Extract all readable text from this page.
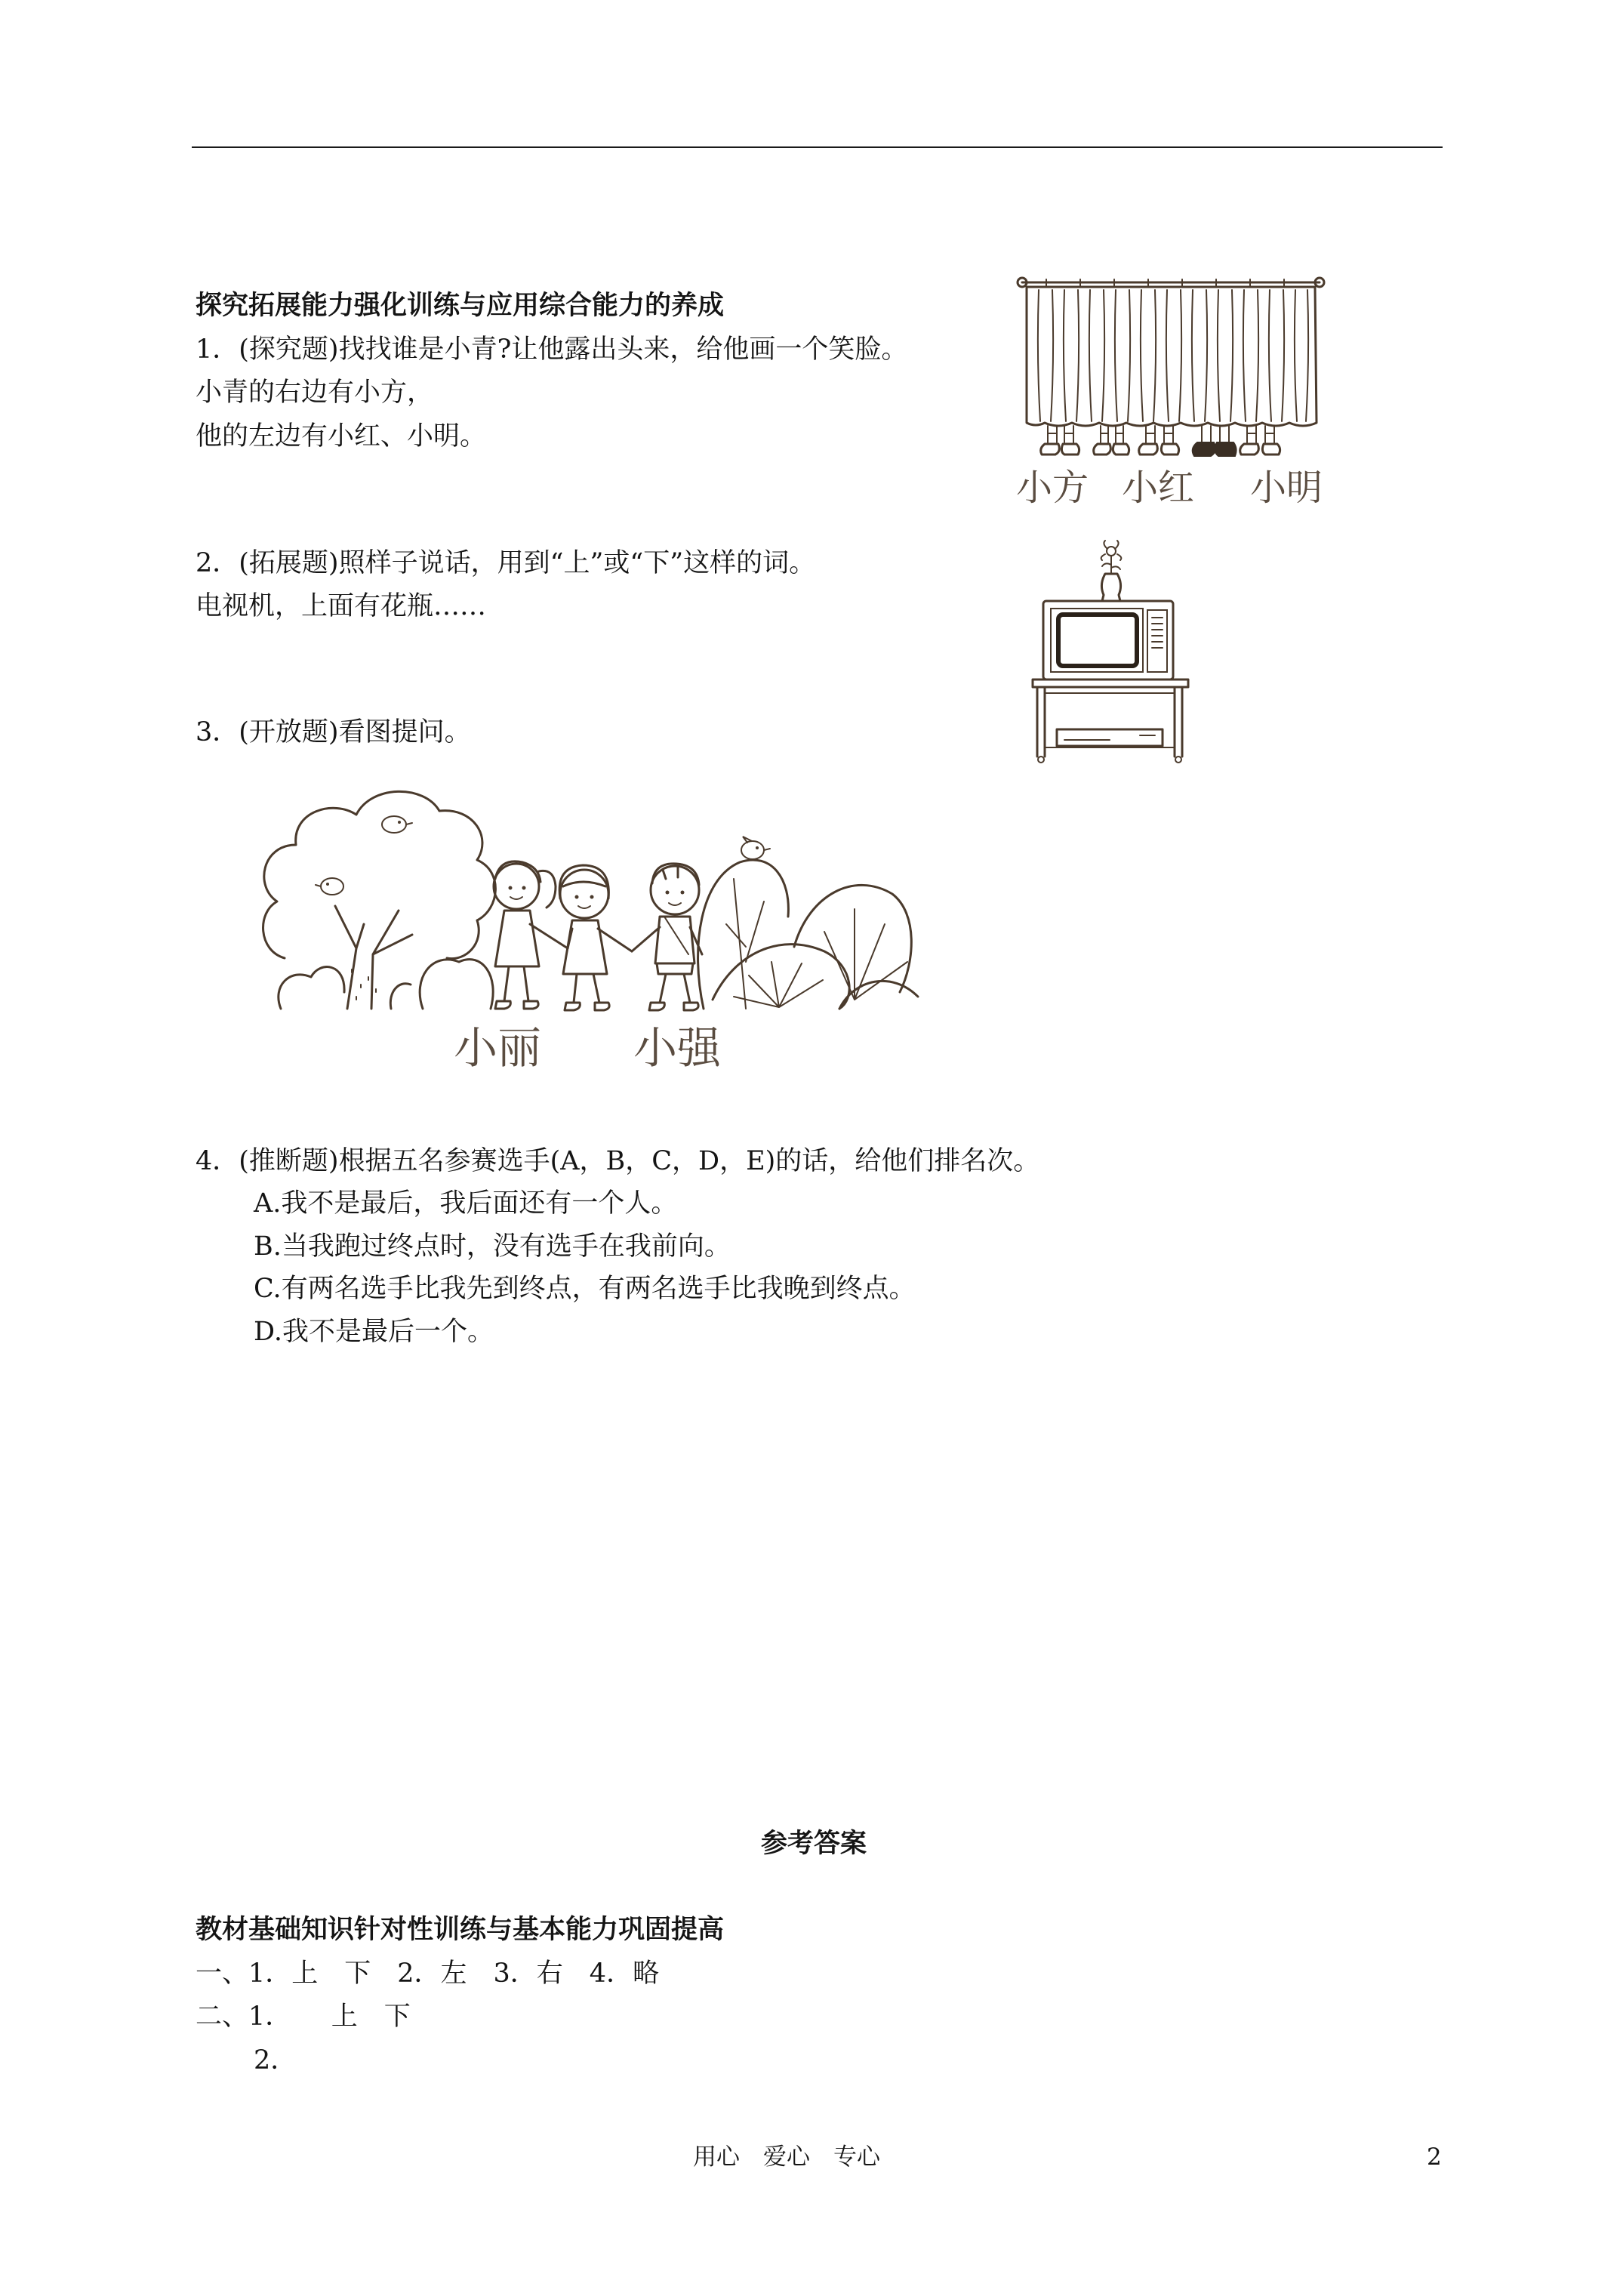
探究拓展能力强化训练与应用综合能力的养成
1．(探究题)找找谁是小青?让他露出头来，给他画一个笑脸。
小青的右边有小方，
他的左边有小红、小明。
小方 小红 小明
2．(拓展题)照样子说话，用到“上”或“下”这样的词。
电视机，上面有花瓶……
3．(开放题)看图提问。
小丽 小强
4．(推断题)根据五名参赛选手(A，B，C，D，E)的话，给他们排名次。
A.我不是最后，我后面还有一个人。
B.当我跑过终点时，没有选手在我前向。
C.有两名选手比我先到终点，有两名选手比我晚到终点。
D.我不是最后一个。
参考答案
教材基础知识针对性训练与基本能力巩固提高
一、1．上　下　2．左　3．右　4．略
二、1．　　上　下
2．
用心　爱心　专心	2
